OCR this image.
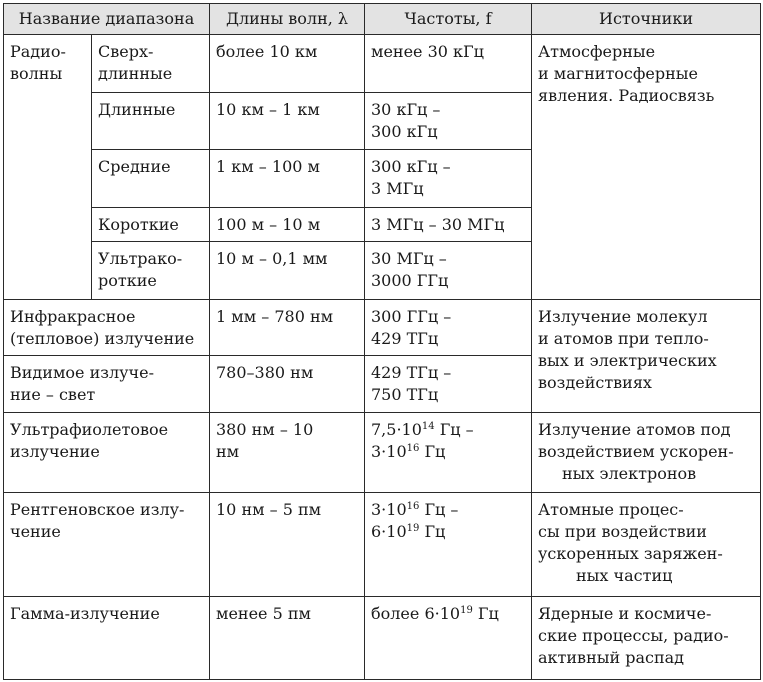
Название диапазона		Длины волн, λ	Частоты, f	Источники

Радио-
волны	Сверх-
длинные	более 10 км	менее 30 кГц	Атмосферные
и магнитосферные
явления. Радиосвязь

	Длинные	10 км – 1 км	30 кГц –
300 кГц	

	Средние	1 км – 100 м	300 кГц –
3 МГц	

	Короткие	100 м – 10 м	3 МГц – 30 МГц	

	Ультрако-
роткие	10 м – 0,1 мм	30 МГц –
3000 ГГц	

Инфракрасное
(тепловое) излучение		1 мм – 780 нм	300 ГГц –
429 ТГц	Излучение молекул
и атомов при тепло-
вых и электрических
воздействиях

Видимое излуче-
ние – свет		780–380 нм	429 ТГц –
750 ТГц	

Ультрафиолетовое
излучение		380 нм – 10
нм	$7,5\cdot 10^{14}$ Гц –
$3\cdot 10^{16}$ Гц	Излучение атомов под
воздействием ускорен-
ных электронов

Рентгеновское излу-
чение		10 нм – 5 пм	$3\cdot 10^{16}$ Гц –
$6\cdot 10^{19}$ Гц	Атомные процес-
сы при воздействии
ускоренных заряжен-
ных частиц

Гамма-излучение		менее 5 пм	более $6\cdot 10^{19}$ Гц	Ядерные и космиче-
ские процессы, радио-
активный распад
